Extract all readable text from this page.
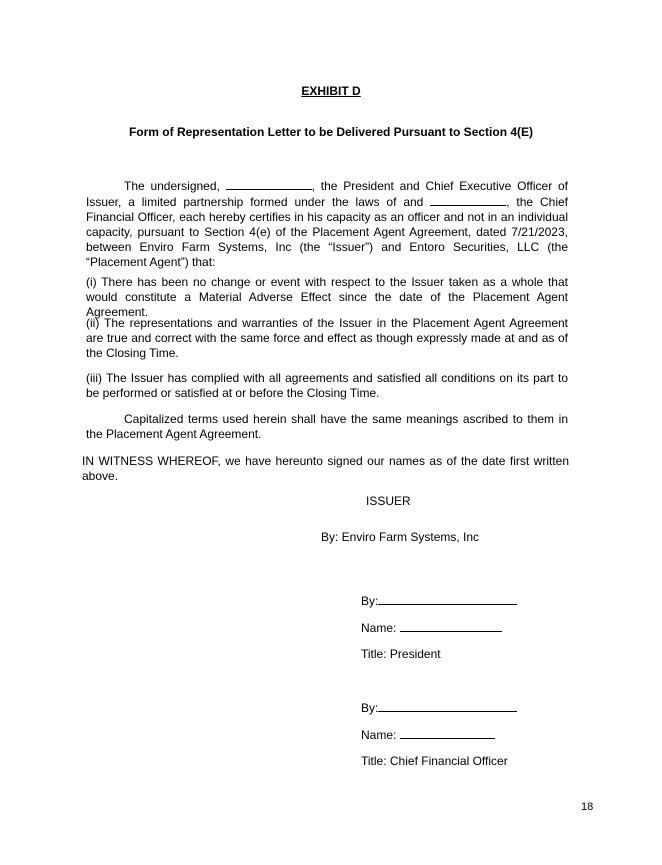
EXHIBIT D
Form of Representation Letter to be Delivered Pursuant to Section 4(E)
The undersigned,	, the President and Chief Executive Officer of Issuer, a limited partnership formed under the laws of and	, the Chief Financial Officer, each hereby certifies in his capacity as an officer and not in an individual capacity, pursuant to Section 4(e) of the Placement Agent Agreement, dated 7/21/2023, between Enviro Farm Systems, Inc (the “Issuer”) and Entoro Securities, LLC (the “Placement Agent”) that:
(i) There has been no change or event with respect to the Issuer taken as a whole that would constitute a Material Adverse Effect since the date of the Placement Agent Agreement.
(ii) The representations and warranties of the Issuer in the Placement Agent Agreement are true and correct with the same force and effect as though expressly made at and as of the Closing Time.
(iii) The Issuer has complied with all agreements and satisfied all conditions on its part to be performed or satisfied at or before the Closing Time.
Capitalized terms used herein shall have the same meanings ascribed to them in the Placement Agent Agreement.
IN WITNESS WHEREOF, we have hereunto signed our names as of the date first written above.
ISSUER
By: Enviro Farm Systems, Inc
By:
Name:
Title: President
By:
Name:
Title: Chief Financial Officer
18
